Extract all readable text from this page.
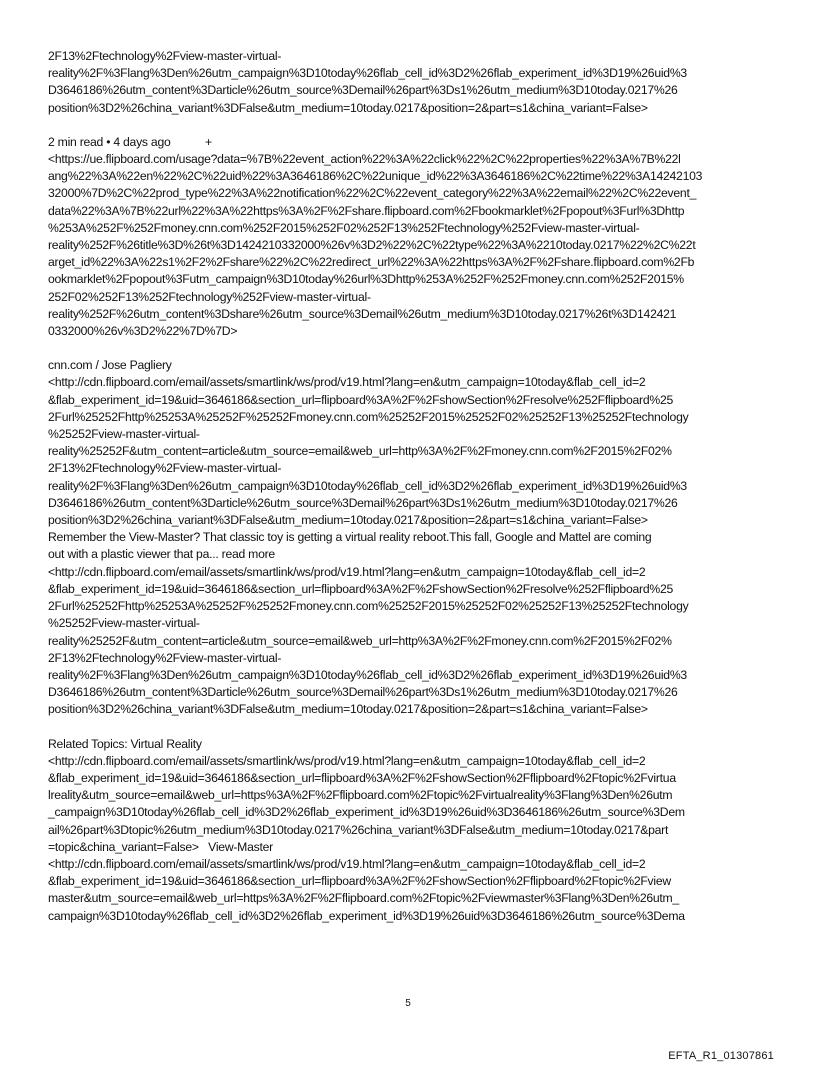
2F13%2Ftechnology%2Fview-master-virtual-
reality%2F%3Flang%3Den%26utm_campaign%3D10today%26flab_cell_id%3D2%26flab_experiment_id%3D19%26uid%3
D3646186%26utm_content%3Darticle%26utm_source%3Demail%26part%3Ds1%26utm_medium%3D10today.0217%26
position%3D2%26china_variant%3DFalse&utm_medium=10today.0217&position=2&part=s1&china_variant=False>
2 min read • 4 days ago           +
<https://ue.flipboard.com/usage?data=%7B%22event_action%22%3A%22click%22%2C%22properties%22%3A%7B%22l
ang%22%3A%22en%22%2C%22uid%22%3A3646186%2C%22unique_id%22%3A3646186%2C%22time%22%3A14242103
32000%7D%2C%22prod_type%22%3A%22notification%22%2C%22event_category%22%3A%22email%22%2C%22event_
data%22%3A%7B%22url%22%3A%22https%3A%2F%2Fshare.flipboard.com%2Fbookmarklet%2Fpopout%3Furl%3Dhttp
%253A%252F%252Fmoney.cnn.com%252F2015%252F02%252F13%252Ftechnology%252Fview-master-virtual-
reality%252F%26title%3D%26t%3D1424210332000%26v%3D2%22%2C%22type%22%3A%2210today.0217%22%2C%22t
arget_id%22%3A%22s1%2F2%2Fshare%22%2C%22redirect_url%22%3A%22https%3A%2F%2Fshare.flipboard.com%2Fb
ookmarklet%2Fpopout%3Futm_campaign%3D10today%26url%3Dhttp%253A%252F%252Fmoney.cnn.com%252F2015%
252F02%252F13%252Ftechnology%252Fview-master-virtual-
reality%252F%26utm_content%3Dshare%26utm_source%3Demail%26utm_medium%3D10today.0217%26t%3D142421
0332000%26v%3D2%22%7D%7D>
cnn.com / Jose Pagliery
<http://cdn.flipboard.com/email/assets/smartlink/ws/prod/v19.html?lang=en&utm_campaign=10today&flab_cell_id=2
&flab_experiment_id=19&uid=3646186&section_url=flipboard%3A%2F%2FshowSection%2Fresolve%252Fflipboard%25
2Furl%25252Fhttp%25253A%25252F%25252Fmoney.cnn.com%25252F2015%25252F02%25252F13%25252Ftechnology
%25252Fview-master-virtual-
reality%25252F&utm_content=article&utm_source=email&web_url=http%3A%2F%2Fmoney.cnn.com%2F2015%2F02%
2F13%2Ftechnology%2Fview-master-virtual-
reality%2F%3Flang%3Den%26utm_campaign%3D10today%26flab_cell_id%3D2%26flab_experiment_id%3D19%26uid%3
D3646186%26utm_content%3Darticle%26utm_source%3Demail%26part%3Ds1%26utm_medium%3D10today.0217%26
position%3D2%26china_variant%3DFalse&utm_medium=10today.0217&position=2&part=s1&china_variant=False>
Remember the View-Master? That classic toy is getting a virtual reality reboot.This fall, Google and Mattel are coming
out with a plastic viewer that pa... read more
<http://cdn.flipboard.com/email/assets/smartlink/ws/prod/v19.html?lang=en&utm_campaign=10today&flab_cell_id=2
&flab_experiment_id=19&uid=3646186&section_url=flipboard%3A%2F%2FshowSection%2Fresolve%252Fflipboard%25
2Furl%25252Fhttp%25253A%25252F%25252Fmoney.cnn.com%25252F2015%25252F02%25252F13%25252Ftechnology
%25252Fview-master-virtual-
reality%25252F&utm_content=article&utm_source=email&web_url=http%3A%2F%2Fmoney.cnn.com%2F2015%2F02%
2F13%2Ftechnology%2Fview-master-virtual-
reality%2F%3Flang%3Den%26utm_campaign%3D10today%26flab_cell_id%3D2%26flab_experiment_id%3D19%26uid%3
D3646186%26utm_content%3Darticle%26utm_source%3Demail%26part%3Ds1%26utm_medium%3D10today.0217%26
position%3D2%26china_variant%3DFalse&utm_medium=10today.0217&position=2&part=s1&china_variant=False>
Related Topics: Virtual Reality
<http://cdn.flipboard.com/email/assets/smartlink/ws/prod/v19.html?lang=en&utm_campaign=10today&flab_cell_id=2
&flab_experiment_id=19&uid=3646186&section_url=flipboard%3A%2F%2FshowSection%2Fflipboard%2Ftopic%2Fvirtua
lreality&utm_source=email&web_url=https%3A%2F%2Fflipboard.com%2Ftopic%2Fvirtualreality%3Flang%3Den%26utm
_campaign%3D10today%26flab_cell_id%3D2%26flab_experiment_id%3D19%26uid%3D3646186%26utm_source%3Dem
ail%26part%3Dtopic%26utm_medium%3D10today.0217%26china_variant%3DFalse&utm_medium=10today.0217&part
=topic&china_variant=False>   View-Master
<http://cdn.flipboard.com/email/assets/smartlink/ws/prod/v19.html?lang=en&utm_campaign=10today&flab_cell_id=2
&flab_experiment_id=19&uid=3646186&section_url=flipboard%3A%2F%2FshowSection%2Fflipboard%2Ftopic%2Fview
master&utm_source=email&web_url=https%3A%2F%2Fflipboard.com%2Ftopic%2Fviewmaster%3Flang%3Den%26utm_
campaign%3D10today%26flab_cell_id%3D2%26flab_experiment_id%3D19%26uid%3D3646186%26utm_source%3Dema
5
EFTA_R1_01307861
